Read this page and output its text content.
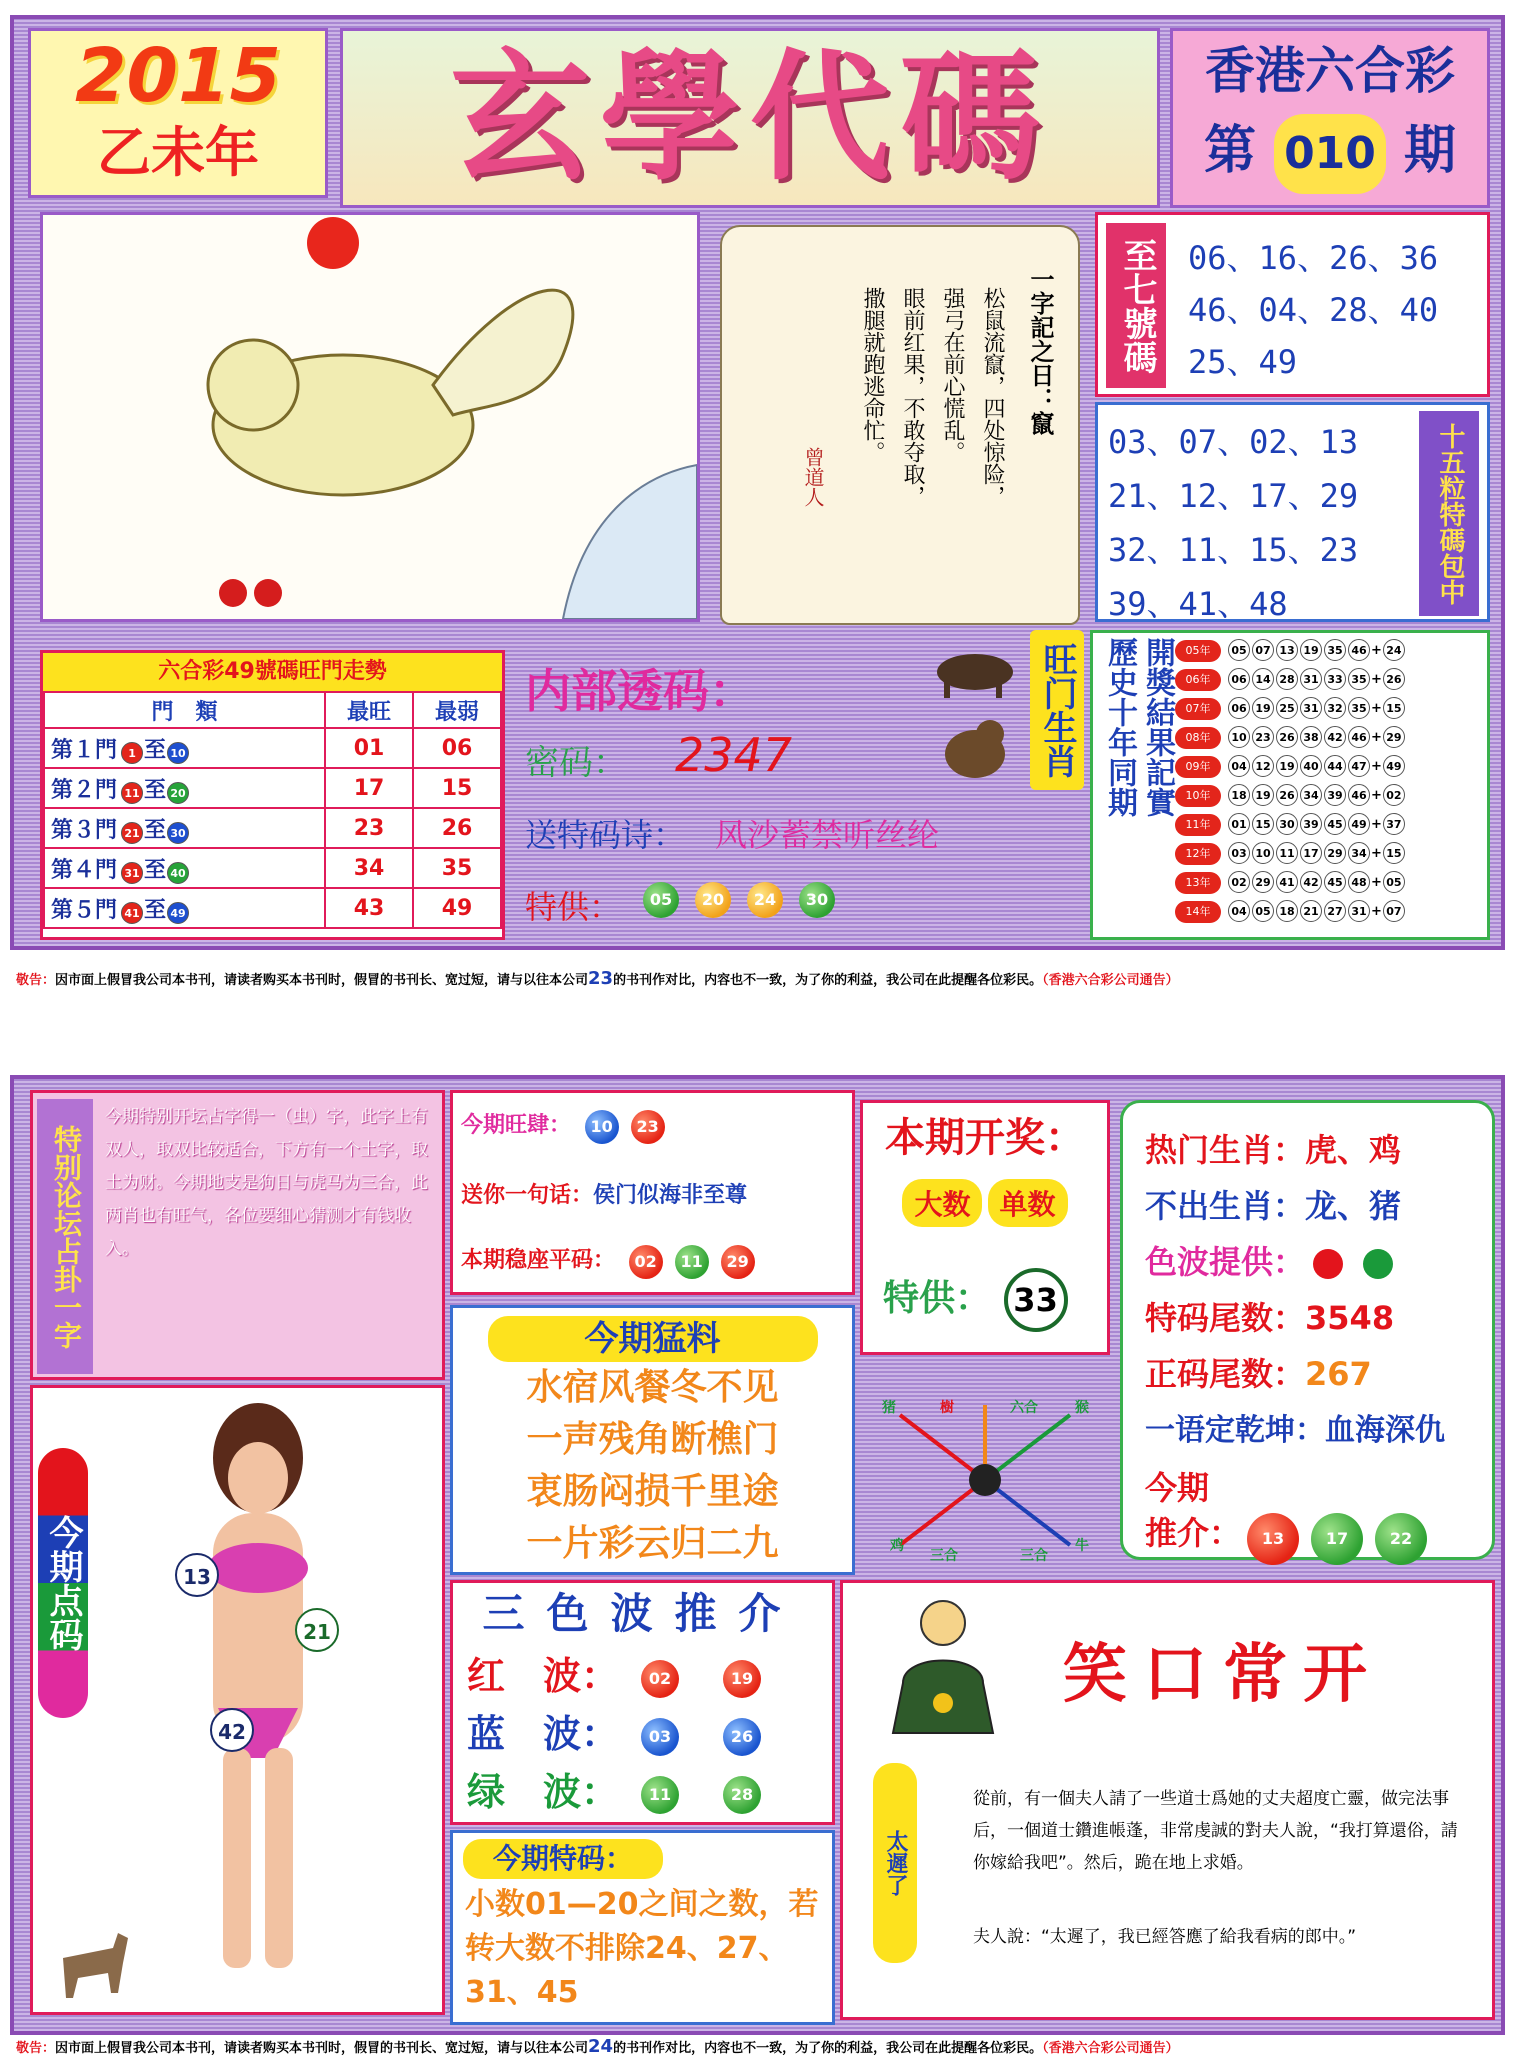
2015
乙未年	玄學代碼	香港六合彩
第 010 期
一字記之日：竄
松鼠流竄，四处惊险，
强弓在前心慌乱。
眼前红果，不敢夺取，
撒腿就跑逃命忙。
曾道人
至七號碼 06、16、26、36
46、04、28、40
25、49
03、07、02、13
21、12、17、29
32、11、15、23
39、41、48	十五粒特碼包中
六合彩49號碼旺門走勢
門　類	最旺	最弱
第１門 1 至 10	01	06
第２門 11 至 20	17	15
第３門 21 至 30	23	26
第４門 31 至 40	34	35
第５門 41 至 49	43	49
内部透码：
密码： 2347
送特码诗： 风沙蓄禁听丝纶
特供：	05 20 24 30

旺门生肖 歷史十年同期 開獎結果記實 05年 05 07 13 19 35 46 + 24
06年 06 14 28 31 33 35 + 26
07年 06 19 25 31 32 35 + 15
08年 10 23 26 38 42 46 + 29
09年 04 12 19 40 44 47 + 49
10年 18 19 26 34 39 46 + 02
11年 01 15 30 39 45 49 + 37
12年 03 10 11 17 29 34 + 15
13年 02 29 41 42 45 48 + 05
14年 04 05 18 21 27 31 + 07
敬告：因市面上假冒我公司本书刊，请读者购买本书刊时，假冒的书刊长、宽过短，请与以往本公司23的书刊作对比，内容也不一致，为了你的利益，我公司在此提醒各位彩民。（香港六合彩公司通告）
特别论坛占卦一字
今期特别开坛占字得一（虫）字，此字上有双人，取双比较适合，下方有一个土字，取土为财。今期地支是狗日与虎马为三合，此两肖也有旺气，各位要细心猜测才有钱收入。
今期点码	13
21
42
今期旺肆： 10 23
送你一句话：侯门似海非至尊
本期稳座平码： 02 11 29
今期猛料
水宿风餐冬不见
一声残角断樵门
衷肠闷损千里途
一片彩云归二九
本期开奖：
大数 单数
特供： 33
猪	樹	六合	猴
鸡
三合	三合
牛
热门生肖：虎、鸡
不出生肖：龙、猪
色波提供：
特码尾数：3548
正码尾数：267
一语定乾坤：血海深仇
今期
推介： 13	17	22
三色波推介
红　波： 02	19
蓝　波： 03	26
绿　波： 11	28
今期特码：
小数01—20之间之数，若转大数不排除24、27、31、45
笑口常开
太遲了
從前，有一個夫人請了一些道士爲她的丈夫超度亡靈，做完法事后，一個道士鑽進帳蓬，非常虔誠的對夫人說，“我打算還俗，請你嫁給我吧”。然后，跪在地上求婚。
夫人說：“太遲了，我已經答應了給我看病的郎中。”
敬告：因市面上假冒我公司本书刊，请读者购买本书刊时，假冒的书刊长、宽过短，请与以往本公司24的书刊作对比，内容也不一致，为了你的利益，我公司在此提醒各位彩民。（香港六合彩公司通告）
